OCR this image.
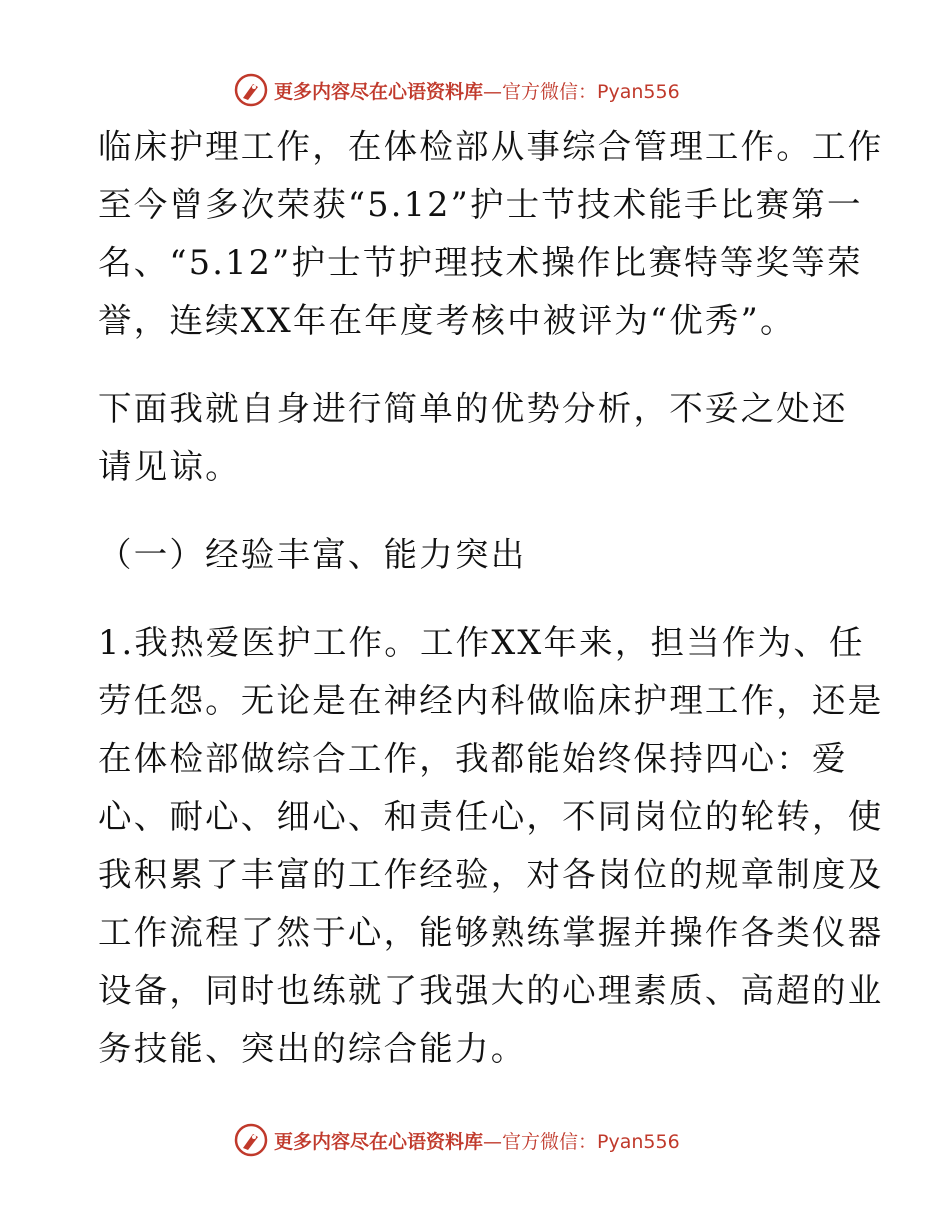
更多内容尽在心语资料库 —官方微信：Pyan556

临床护理工作，在体检部从事综合管理工作。工作
至今曾多次荣获“5.12”护士节技术能手比赛第一
名、“5.12”护士节护理技术操作比赛特等奖等荣
誉，连续XX年在年度考核中被评为“优秀”。

下面我就自身进行简单的优势分析，不妥之处还
请见谅。

（一）经验丰富、能力突出

1.我热爱医护工作。工作XX年来，担当作为、任
劳任怨。无论是在神经内科做临床护理工作，还是
在体检部做综合工作，我都能始终保持四心：爱
心、耐心、细心、和责任心，不同岗位的轮转，使
我积累了丰富的工作经验，对各岗位的规章制度及
工作流程了然于心，能够熟练掌握并操作各类仪器
设备，同时也练就了我强大的心理素质、高超的业
务技能、突出的综合能力。

更多内容尽在心语资料库 —官方微信：Pyan556
